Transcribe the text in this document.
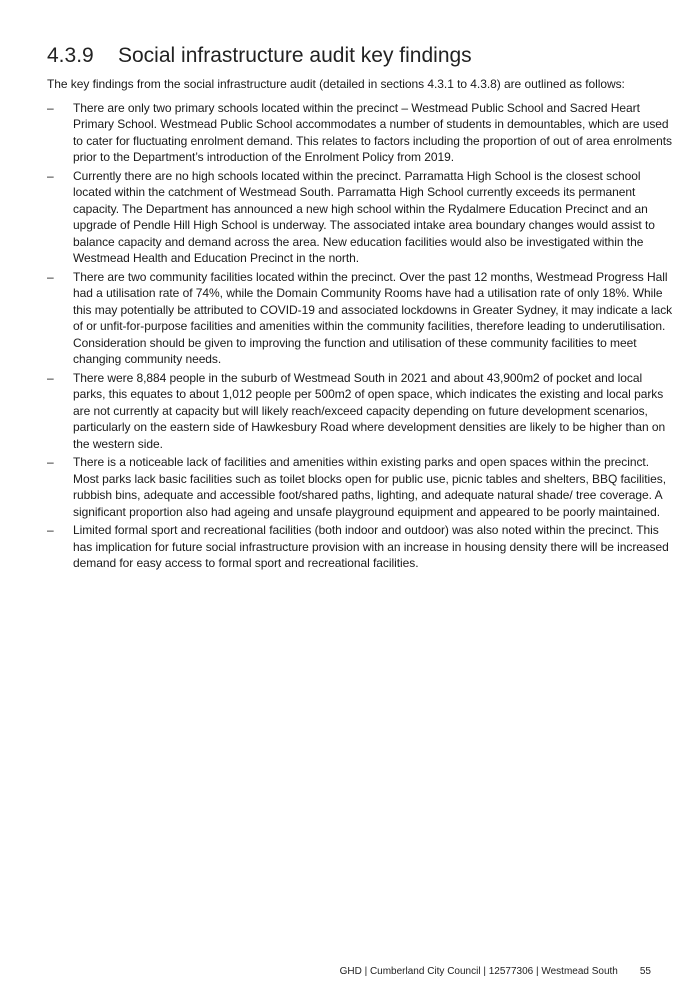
4.3.9	Social infrastructure audit key findings

The key findings from the social infrastructure audit (detailed in sections 4.3.1 to 4.3.8) are outlined as follows:

–	There are only two primary schools located within the precinct – Westmead Public School and Sacred Heart Primary School. Westmead Public School accommodates a number of students in demountables, which are used to cater for fluctuating enrolment demand. This relates to factors including the proportion of out of area enrolments prior to the Department’s introduction of the Enrolment Policy from 2019.
–	Currently there are no high schools located within the precinct. Parramatta High School is the closest school located within the catchment of Westmead South. Parramatta High School currently exceeds its permanent capacity. The Department has announced a new high school within the Rydalmere Education Precinct and an upgrade of Pendle Hill High School is underway. The associated intake area boundary changes would assist to balance capacity and demand across the area. New education facilities would also be investigated within the Westmead Health and Education Precinct in the north.
–	There are two community facilities located within the precinct. Over the past 12 months, Westmead Progress Hall had a utilisation rate of 74%, while the Domain Community Rooms have had a utilisation rate of only 18%. While this may potentially be attributed to COVID-19 and associated lockdowns in Greater Sydney, it may indicate a lack of or unfit-for-purpose facilities and amenities within the community facilities, therefore leading to underutilisation. Consideration should be given to improving the function and utilisation of these community facilities to meet changing community needs.
–	There were 8,884 people in the suburb of Westmead South in 2021 and about 43,900m2 of pocket and local parks, this equates to about 1,012 people per 500m2 of open space, which indicates the existing and local parks are not currently at capacity but will likely reach/exceed capacity depending on future development scenarios, particularly on the eastern side of Hawkesbury Road where development densities are likely to be higher than on the western side.
–	There is a noticeable lack of facilities and amenities within existing parks and open spaces within the precinct. Most parks lack basic facilities such as toilet blocks open for public use, picnic tables and shelters, BBQ facilities, rubbish bins, adequate and accessible foot/shared paths, lighting, and adequate natural shade/ tree coverage. A significant proportion also had ageing and unsafe playground equipment and appeared to be poorly maintained.
–	Limited formal sport and recreational facilities (both indoor and outdoor) was also noted within the precinct. This has implication for future social infrastructure provision with an increase in housing density there will be increased demand for easy access to formal sport and recreational facilities.
GHD | Cumberland City Council | 12577306 | Westmead South 55
